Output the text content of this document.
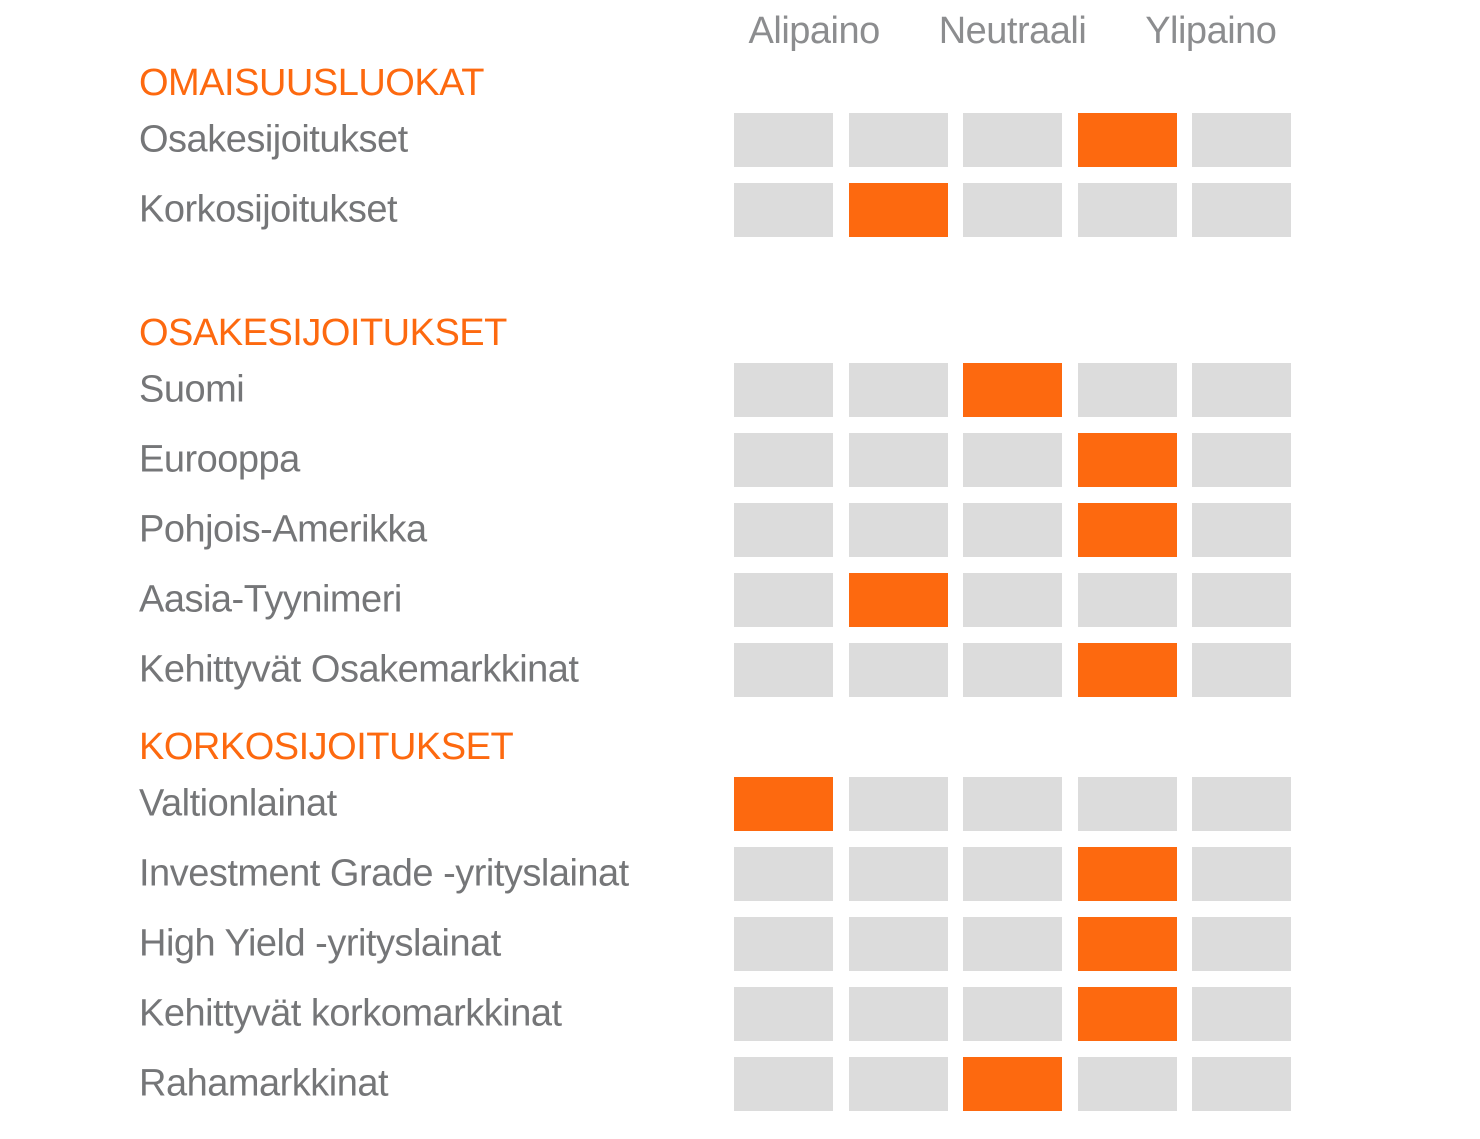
Alipaino	Neutraali	Ylipaino
OMAISUUSLUOKAT
Osakesijoitukset
Korkosijoitukset
OSAKESIJOITUKSET
Suomi
Eurooppa
Pohjois-Amerikka
Aasia-Tyynimeri
Kehittyvät Osakemarkkinat
KORKOSIJOITUKSET
Valtionlainat
Investment Grade -yrityslainat
High Yield -yrityslainat
Kehittyvät korkomarkkinat
Rahamarkkinat
